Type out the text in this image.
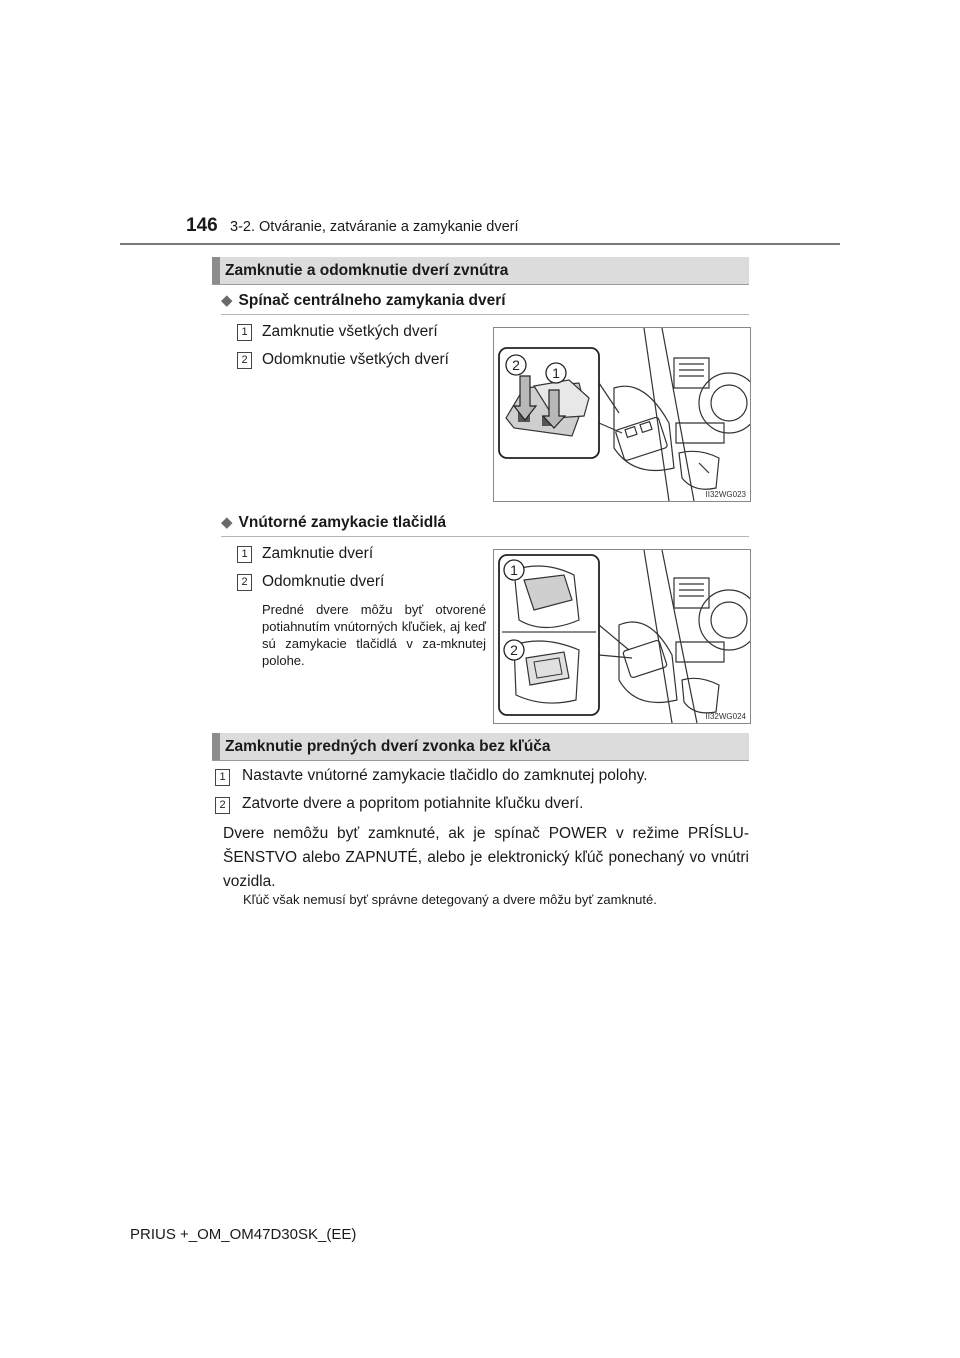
146 3-2. Otváranie, zatváranie a zamykanie dverí
Zamknutie a odomknutie dverí zvnútra
◆ Spínač centrálneho zamykania dverí
1 Zamknutie všetkých dverí
2 Odomknutie všetkých dverí	2 1
II32WG023
◆ Vnútorné zamykacie tlačidlá
1 Zamknutie dverí
2 Odomknutie dverí
Predné dvere môžu byť otvorené potiahnutím vnútorných kľučiek, aj keď sú zamykacie tlačidlá v za-mknutej polohe.
1
2
II32WG024
Zamknutie predných dverí zvonka bez kľúča
1 Nastavte vnútorné zamykacie tlačidlo do zamknutej polohy.
2 Zatvorte dvere a popritom potiahnite kľučku dverí.
Dvere nemôžu byť zamknuté, ak je spínač POWER v režime PRÍSLU-ŠENSTVO alebo ZAPNUTÉ, alebo je elektronický kľúč ponechaný vo vnútri vozidla.
Kľúč však nemusí byť správne detegovaný a dvere môžu byť zamknuté.
PRIUS +_OM_OM47D30SK_(EE)
